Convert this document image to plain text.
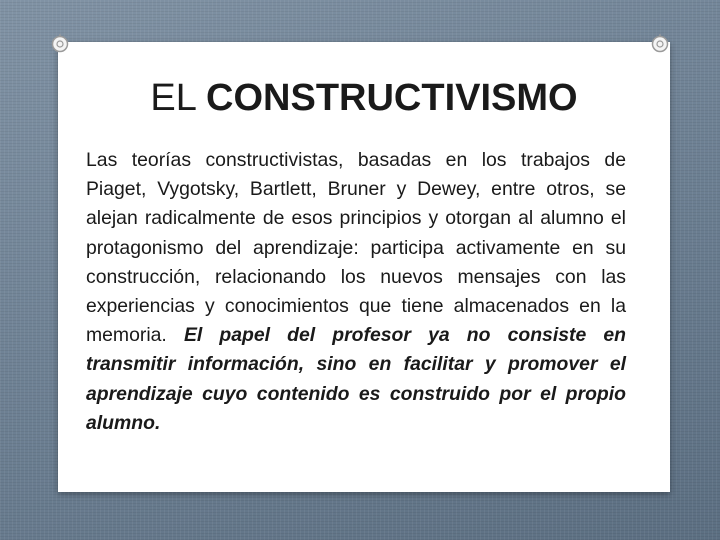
EL CONSTRUCTIVISMO
Las teorías constructivistas, basadas en los trabajos de Piaget, Vygotsky, Bartlett, Bruner y Dewey, entre otros, se alejan radicalmente de esos principios y otorgan al alumno el protagonismo del aprendizaje: participa activamente en su construcción, relacionando los nuevos mensajes con las experiencias y conocimientos que tiene almacenados en la memoria. El papel del profesor ya no consiste en transmitir información, sino en facilitar y promover el aprendizaje cuyo contenido es construido por el propio alumno.
